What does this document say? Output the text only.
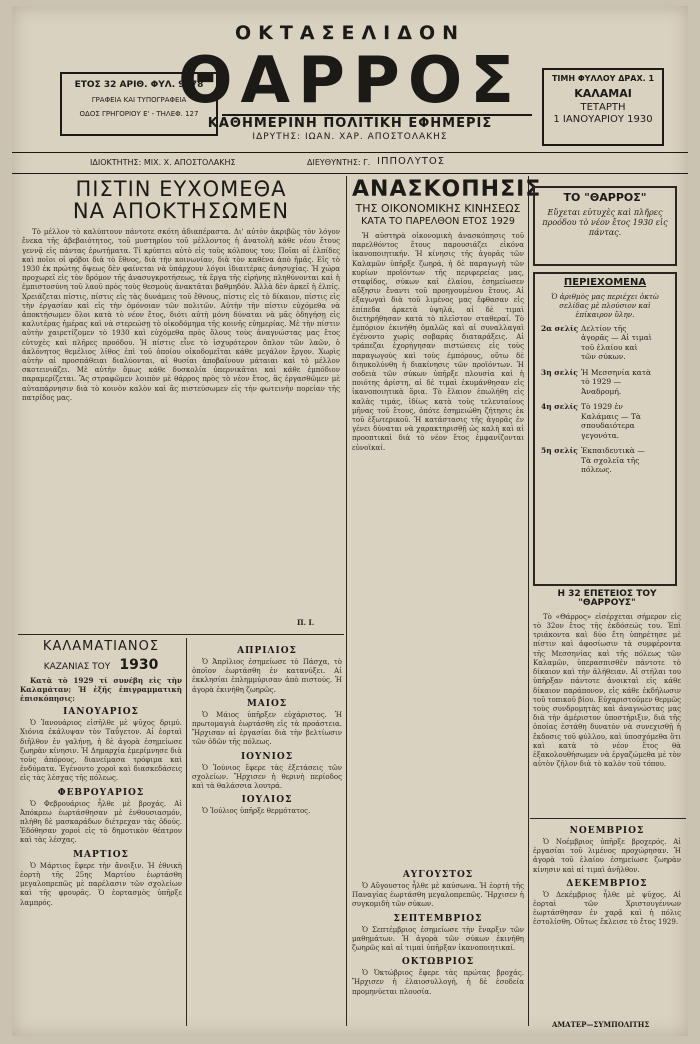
ΟΚΤΑΣΕΛΙΔΟΝ
ΘΑΡΡΟΣ
ΚΑΘΗΜΕΡΙΝΗ ΠΟΛΙΤΙΚΗ ΕΦΗΜΕΡΙΣ
ΙΔΡΥΤΗΣ: ΙΩΑΝ. ΧΑΡ. ΑΠΟΣΤΟΛΑΚΗΣ
ΕΤΟΣ 32 ΑΡΙΘ. ΦΥΛ. 9778
ΓΡΑΦΕΙΑ ΚΑΙ ΤΥΠΟΓΡΑΦΕΙΑ
ΟΔΟΣ ΓΡΗΓΟΡΙΟΥ Ε' - ΤΗΛΕΦ. 127
ΤΙΜΗ ΦΥΛΛΟΥ ΔΡΑΧ. 1
ΚΑΛΑΜΑΙ
ΤΕΤΑΡΤΗ
1 ΙΑΝΟΥΑΡΙΟΥ 1930
ΙΔΙΟΚΤΗΤΗΣ: ΜΙΧ. Χ. ΑΠΟΣΤΟΛΑΚΗΣ	ΔΙΕΥΘΥΝΤΗΣ: Γ. ΙΠΠΟΛΥΤΟΣ
ΠΙΣΤΙΝ ΕΥΧΟΜΕΘΑ
ΝΑ ΑΠΟΚΤΗΣΩΜΕΝ

Τὸ μέλλον τὸ καλύπτουν πάντοτε σκότη ἀδιαπέραστα. Δι' αὐτὸν ἀκριβῶς τὸν λόγον ἔνεκα τῆς ἀβεβαιότητος, τοῦ μυστηρίου τοῦ μέλλοντος ἡ ἀνατολὴ κάθε νέου ἔτους γεννᾷ εἰς πάντας ἐρωτήματα. Τί κρύπτει αὐτὸ εἰς τοὺς κόλπους του; Ποῖαι αἱ ἐλπίδες καὶ ποῖοι οἱ φόβοι διὰ τὸ ἔθνος, διὰ τὴν κοινωνίαν, διὰ τὸν καθένα ἀπὸ ἡμᾶς. Εἰς τὸ 1930 ἐκ πρώτης ὄψεως δὲν φαίνεται νὰ ὑπάρχουν λόγοι ἰδιαιτέρας ἀνησυχίας. Ἡ χώρα προχωρεῖ εἰς τὸν δρόμον τῆς ἀνασυγκροτήσεως, τὰ ἔργα τῆς εἰρήνης πληθύνονται καὶ ἡ ἐμπιστοσύνη τοῦ λαοῦ πρὸς τοὺς θεσμοὺς ἀνακτᾶται βαθμηδόν. Ἀλλὰ δὲν ἀρκεῖ ἡ ἐλπίς. Χρειάζεται πίστις, πίστις εἰς τὰς δυνάμεις τοῦ ἔθνους, πίστις εἰς τὸ δίκαιον, πίστις εἰς τὴν ἐργασίαν καὶ εἰς τὴν ὁμόνοιαν τῶν πολιτῶν. Αὐτὴν τὴν πίστιν εὐχόμεθα νὰ ἀποκτήσωμεν ὅλοι κατὰ τὸ νέον ἔτος, διότι αὐτὴ μόνη δύναται νὰ μᾶς ὁδηγήσῃ εἰς καλυτέρας ἡμέρας καὶ νὰ στερεώσῃ τὸ οἰκοδόμημα τῆς κοινῆς εὐημερίας. Μὲ τὴν πίστιν αὐτὴν χαιρετίζομεν τὸ 1930 καὶ εὐχόμεθα πρὸς ὅλους τοὺς ἀναγνώστας μας ἔτος εὐτυχὲς καὶ πλῆρες προόδου. Ἡ πίστις εἶνε τὸ ἰσχυρότερον ὅπλον τῶν λαῶν, ὁ ἀκλόνητος θεμέλιος λίθος ἐπὶ τοῦ ὁποίου οἰκοδομεῖται κάθε μεγάλον ἔργον. Χωρὶς αὐτὴν αἱ προσπάθειαι διαλύονται, αἱ θυσίαι ἀποβαίνουν μάταιαι καὶ τὸ μέλλον σκοτεινιάζει. Μὲ αὐτὴν ὅμως κάθε δυσκολία ὑπερνικᾶται καὶ κάθε ἐμπόδιον παραμερίζεται. Ἂς στραφῶμεν λοιπὸν μὲ θάρρος πρὸς τὸ νέον ἔτος, ἂς ἐργασθῶμεν μὲ αὐταπάρνησιν διὰ τὸ κοινὸν καλὸν καὶ ἂς πιστεύσωμεν εἰς τὴν φωτεινὴν πορείαν τῆς πατρίδος μας.

Π. Ι.
ΚΑΛΑΜΑΤΙΑΝΟΣ
ΚΑΖΑΝΙΑΣ ΤΟΥ 1930

Κατὰ τὸ 1929 τί συνέβη εἰς τὴν Καλαμάταν; Ἡ ἐξῆς ἐπιγραμματικὴ ἐπισκόπησις:

ΙΑΝΟΥΑΡΙΟΣ

Ὁ Ἰανουάριος εἰσῆλθε μὲ ψῦχος δριμύ. Χιόνια ἐκάλυψαν τὸν Ταΰγετον. Αἱ ἑορταὶ διῆλθον ἐν γαλήνῃ, ἡ δὲ ἀγορὰ ἐσημείωσε ζωηρὰν κίνησιν. Ἡ Δημαρχία ἐμερίμνησε διὰ τοὺς ἀπόρους, διανείμασα τρόφιμα καὶ ἐνδύματα. Ἐγένοντο χοροὶ καὶ διασκεδάσεις εἰς τὰς λέσχας τῆς πόλεως.

ΦΕΒΡΟΥΑΡΙΟΣ

Ὁ Φεβρουάριος ἦλθε μὲ βροχάς. Αἱ Ἀπόκρεω ἑωρτάσθησαν μὲ ἐνθουσιασμόν, πλήθη δὲ μασκαράδων διέτρεχαν τὰς ὁδούς. Ἐδόθησαν χοροὶ εἰς τὸ δημοτικὸν θέατρον καὶ τὰς λέσχας.

ΜΑΡΤΙΟΣ

Ὁ Μάρτιος ἔφερε τὴν ἄνοιξιν. Ἡ ἐθνικὴ ἑορτὴ τῆς 25ης Μαρτίου ἑωρτάσθη μεγαλοπρεπῶς μὲ παρέλασιν τῶν σχολείων καὶ τῆς φρουρᾶς. Ὁ ἐορτασμὸς ὑπῆρξε λαμπρός.

ΑΠΡΙΛΙΟΣ

Ὁ Ἀπρίλιος ἐσημείωσε τὸ Πάσχα, τὸ ὁποῖον ἑωρτάσθη ἐν κατανύξει. Αἱ ἐκκλησίαι ἐπλημμύρισαν ἀπὸ πιστούς. Ἡ ἀγορὰ ἐκινήθη ζωηρῶς.

ΜΑΙΟΣ

Ὁ Μάιος ὑπῆρξεν εὐχάριστος. Ἡ πρωτομαγιὰ ἑωρτάσθη εἰς τὰ προάστεια. Ἤρχισαν αἱ ἐργασίαι διὰ τὴν βελτίωσιν τῶν ὁδῶν τῆς πόλεως.

ΙΟΥΝΙΟΣ

Ὁ Ἰούνιος ἔφερε τὰς ἐξετάσεις τῶν σχολείων. Ἤρχισεν ἡ θερινὴ περίοδος καὶ τὰ θαλάσσια λουτρά.

ΙΟΥΛΙΟΣ

Ὁ Ἰούλιος ὑπῆρξε θερμότατος.

ΑΝΑΣΚΟΠΗΣΙΣ
ΤΗΣ ΟΙΚΟΝΟΜΙΚΗΣ ΚΙΝΗΣΕΩΣ
ΚΑΤΑ ΤΟ ΠΑΡΕΛΘΟΝ ΕΤΟΣ 1929

Ἡ αὐστηρὰ οἰκονομικὴ ἀνασκόπησις τοῦ παρελθόντος ἔτους παρουσιάζει εἰκόνα ἱκανοποιητικήν. Ἡ κίνησις τῆς ἀγορᾶς τῶν Καλαμῶν ὑπῆρξε ζωηρά, ἡ δὲ παραγωγὴ τῶν κυρίων προϊόντων τῆς περιφερείας μας, σταφίδος, σύκων καὶ ἐλαίου, ἐσημείωσεν αὔξησιν ἔναντι τοῦ προηγουμένου ἔτους. Αἱ ἐξαγωγαὶ διὰ τοῦ λιμένος μας ἔφθασαν εἰς ἐπίπεδα ἀρκετὰ ὑψηλά, αἱ δὲ τιμαὶ διετηρήθησαν κατὰ τὸ πλεῖστον σταθεραί. Τὸ ἐμπόριον ἐκινήθη ὁμαλῶς καὶ αἱ συναλλαγαὶ ἐγένοντο χωρὶς σοβαρὰς διαταράξεις. Αἱ τράπεζαι ἐχορήγησαν πιστώσεις εἰς τοὺς παραγωγοὺς καὶ τοὺς ἐμπόρους, οὕτω δὲ διηυκολύνθη ἡ διακίνησις τῶν προϊόντων. Ἡ σοδειὰ τῶν σύκων ὑπῆρξε πλουσία καὶ ἡ ποιότης ἀρίστη, αἱ δὲ τιμαὶ ἐκυμάνθησαν εἰς ἱκανοποιητικὰ ὅρια. Τὸ ἔλαιον ἐπωλήθη εἰς καλὰς τιμάς, ἰδίως κατὰ τοὺς τελευταίους μῆνας τοῦ ἔτους, ὁπότε ἐσημειώθη ζήτησις ἐκ τοῦ ἐξωτερικοῦ. Ἡ κατάστασις τῆς ἀγορᾶς ἐν γένει δύναται νὰ χαρακτηρισθῇ ὡς καλὴ καὶ αἱ προοπτικαὶ διὰ τὸ νέον ἔτος ἐμφανίζονται εὐνοϊκαί.

ΤΟ "ΘΑΡΡΟΣ"
Εὔχεται εὐτυχὲς καὶ πλῆρες προόδου τὸ νέον ἔτος 1930 εἰς πάντας.
ΠΕΡΙΕΧΟΜΕΝΑ
Ὁ ἀριθμὸς μας περιέχει ὀκτὼ σελίδας μὲ πλούσιον καὶ ἐπίκαιρον ὕλην.

2α σελίς Δελτίον τῆς ἀγορᾶς — Αἱ τιμαὶ τοῦ ἐλαίου καὶ τῶν σύκων.

3η σελίς Ἡ Μεσσηνία κατὰ τὸ 1929 — Ἀναδρομή.

4η σελίς Τὸ 1929 ἐν Καλάμαις — Τὰ σπουδαιότερα γεγονότα.

5η σελίς Ἐκπαιδευτικὰ — Τὰ σχολεῖα τῆς πόλεως.

Η 32 ΕΠΕΤΕΙΟΣ ΤΟΥ "ΘΑΡΡΟΥΣ"

Τὸ «Θάρρος» εἰσέρχεται σήμερον εἰς τὸ 32ον ἔτος τῆς ἐκδόσεώς του. Ἐπὶ τριάκοντα καὶ δύο ἔτη ὑπηρέτησε μὲ πίστιν καὶ ἀφοσίωσιν τὰ συμφέροντα τῆς Μεσσηνίας καὶ τῆς πόλεως τῶν Καλαμῶν, ὑπερασπισθὲν πάντοτε τὸ δίκαιον καὶ τὴν ἀλήθειαν. Αἱ στήλαι του ὑπῆρξαν πάντοτε ἀνοικταὶ εἰς κάθε δίκαιον παράπονον, εἰς κάθε ἐκδήλωσιν τοῦ τοπικοῦ βίου. Εὐχαριστοῦμεν θερμῶς τοὺς συνδρομητὰς καὶ ἀναγνώστας μας διὰ τὴν ἀμέριστον ὑποστήριξιν, διὰ τῆς ὁποίας ἐστάθη δυνατὸν νὰ συνεχισθῇ ἡ ἔκδοσις τοῦ φύλλου, καὶ ὑποσχόμεθα ὅτι καὶ κατὰ τὸ νέον ἔτος θὰ ἐξακολουθήσωμεν νὰ ἐργαζώμεθα μὲ τὸν αὐτὸν ζῆλον διὰ τὸ καλὸν τοῦ τόπου.

ΝΟΕΜΒΡΙΟΣ

Ὁ Νοέμβριος ὑπῆρξε βροχερός. Αἱ ἐργασίαι τοῦ λιμένος προχώρησαν. Ἡ ἀγορὰ τοῦ ἐλαίου ἐσημείωσε ζωηρὰν κίνησιν καὶ αἱ τιμαὶ ἀνῆλθον.

ΔΕΚΕΜΒΡΙΟΣ

Ὁ Δεκέμβριος ἦλθε μὲ ψῦχος. Αἱ ἑορταὶ τῶν Χριστουγέννων ἑωρτάσθησαν ἐν χαρᾷ καὶ ἡ πόλις ἐστολίσθη. Οὕτως ἔκλεισε τὸ ἔτος 1929.

ΑΜΑΤΕΡ—ΣΥΜΠΟΛΙΤΗΣ
ΑΥΓΟΥΣΤΟΣ

Ὁ Αὔγουστος ἦλθε μὲ καύσωνα. Ἡ ἑορτὴ τῆς Παναγίας ἑωρτάσθη μεγαλοπρεπῶς. Ἤρχισεν ἡ συγκομιδὴ τῶν σύκων.

ΣΕΠΤΕΜΒΡΙΟΣ

Ὁ Σεπτέμβριος ἐσημείωσε τὴν ἔναρξιν τῶν μαθημάτων. Ἡ ἀγορὰ τῶν σύκων ἐκινήθη ζωηρῶς καὶ αἱ τιμαὶ ὑπῆρξαν ἱκανοποιητικαί.

ΟΚΤΩΒΡΙΟΣ

Ὁ Ὀκτώβριος ἔφερε τὰς πρώτας βροχάς. Ἤρχισεν ἡ ἐλαιοσυλλογή, ἡ δὲ ἐσοδεία προμηνύεται πλουσία.
